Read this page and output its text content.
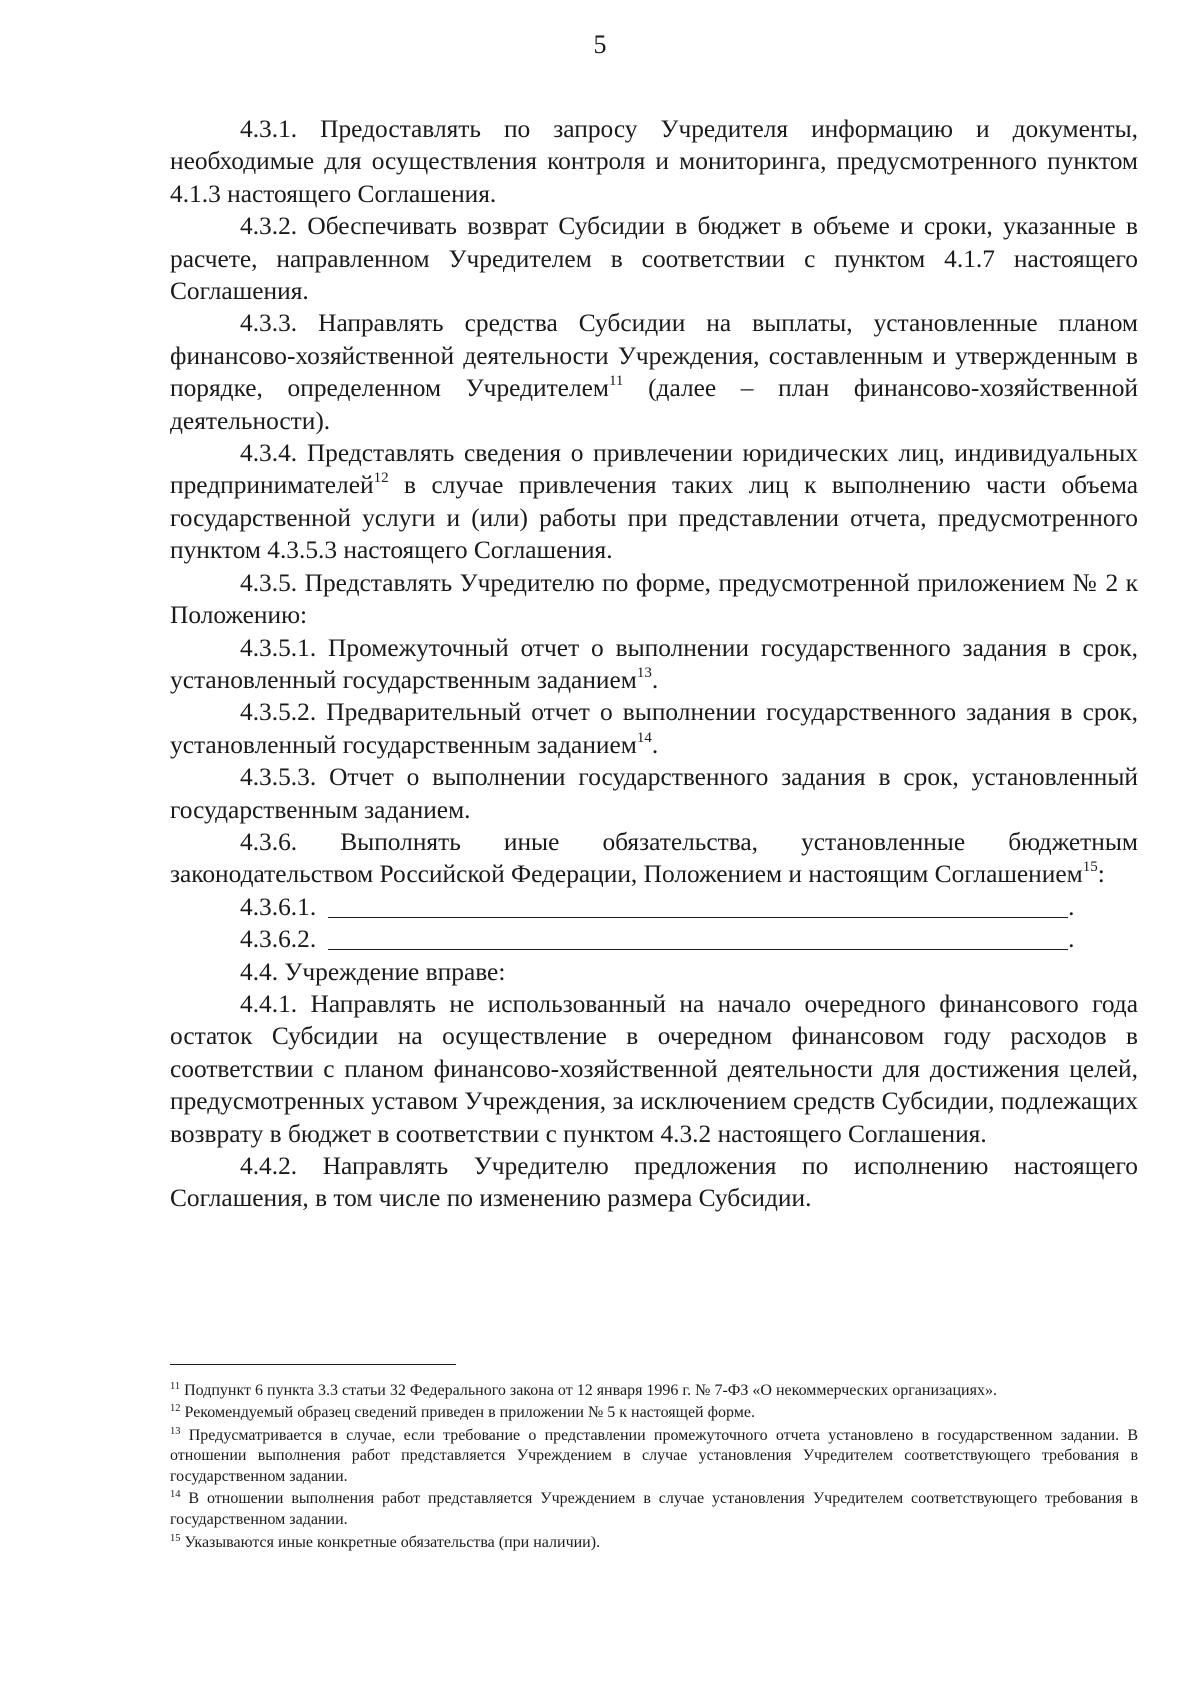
5

4.3.1. Предоставлять по запросу Учредителя информацию и документы, необходимые для осуществления контроля и мониторинга, предусмотренного пунктом 4.1.3 настоящего Соглашения.

4.3.2. Обеспечивать возврат Субсидии в бюджет в объеме и сроки, указанные в расчете, направленном Учредителем в соответствии с пунктом 4.1.7 настоящего Соглашения.

4.3.3. Направлять средства Субсидии на выплаты, установленные планом финансово-хозяйственной деятельности Учреждения, составленным и утвержденным в порядке, определенном Учредителем$^{11}$ (далее – план финансово-хозяйственной деятельности).

4.3.4. Представлять сведения о привлечении юридических лиц, индивидуальных предпринимателей$^{12}$ в случае привлечения таких лиц к выполнению части объема государственной услуги и (или) работы при представлении отчета, предусмотренного пунктом 4.3.5.3 настоящего Соглашения.

4.3.5. Представлять Учредителю по форме, предусмотренной приложением № 2 к Положению:

4.3.5.1. Промежуточный отчет о выполнении государственного задания в срок, установленный государственным заданием$^{13}$.

4.3.5.2. Предварительный отчет о выполнении государственного задания в срок, установленный государственным заданием$^{14}$.

4.3.5.3. Отчет о выполнении государственного задания в срок, установленный государственным заданием.

4.3.6. Выполнять иные обязательства, установленные бюджетным законодательством Российской Федерации, Положением и настоящим Соглашением$^{15}$:

4.3.6.1.	.
4.3.6.2.	.

4.4. Учреждение вправе:

4.4.1. Направлять не использованный на начало очередного финансового года остаток Субсидии на осуществление в очередном финансовом году расходов в соответствии с планом финансово-хозяйственной деятельности для достижения целей, предусмотренных уставом Учреждения, за исключением средств Субсидии, подлежащих возврату в бюджет в соответствии с пунктом 4.3.2 настоящего Соглашения.

4.4.2. Направлять Учредителю предложения по исполнению настоящего Соглашения, в том числе по изменению размера Субсидии.

$^{11}$ Подпункт 6 пункта 3.3 статьи 32 Федерального закона от 12 января 1996 г. № 7-ФЗ «О некоммерческих организациях».

$^{12}$ Рекомендуемый образец сведений приведен в приложении № 5 к настоящей форме.

$^{13}$ Предусматривается в случае, если требование о представлении промежуточного отчета установлено в государственном задании. В отношении выполнения работ представляется Учреждением в случае установления Учредителем соответствующего требования в государственном задании.

$^{14}$ В отношении выполнения работ представляется Учреждением в случае установления Учредителем соответствующего требования в государственном задании.

$^{15}$ Указываются иные конкретные обязательства (при наличии).
